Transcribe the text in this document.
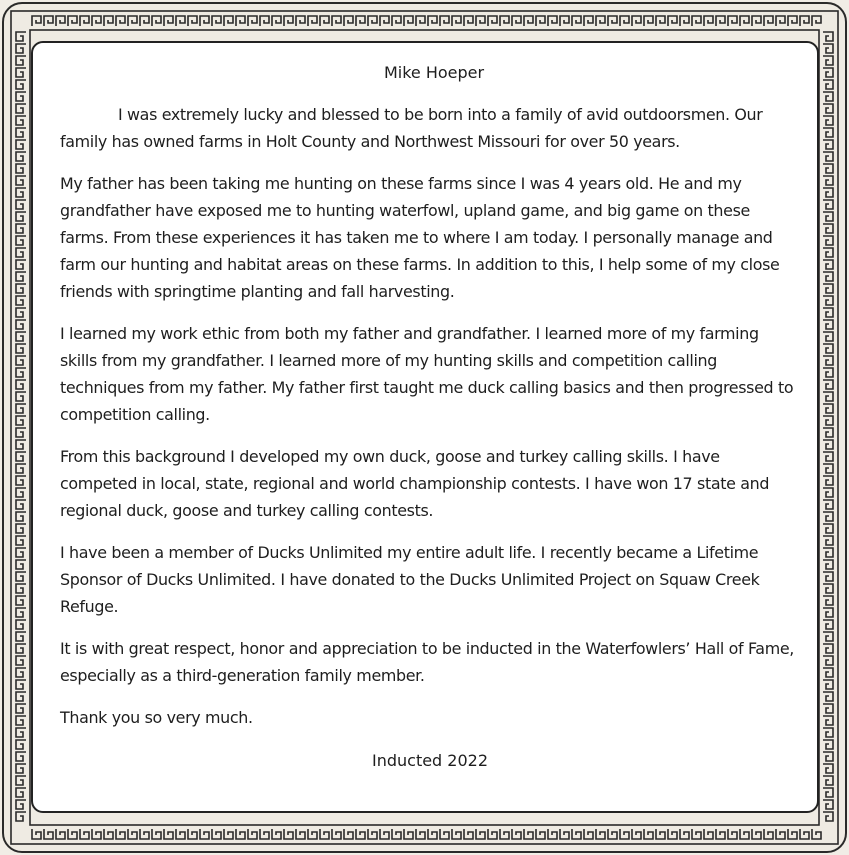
Mike Hoeper

I was extremely lucky and blessed to be born into a family of avid outdoorsmen. Our family has owned farms in Holt County and Northwest Missouri for over 50 years.

My father has been taking me hunting on these farms since I was 4 years old. He and my grandfather have exposed me to hunting waterfowl, upland game, and big game on these farms. From these experiences it has taken me to where I am today. I personally manage and farm our hunting and habitat areas on these farms. In addition to this, I help some of my close friends with springtime planting and fall harvesting.

I learned my work ethic from both my father and grandfather. I learned more of my farming skills from my grandfather. I learned more of my hunting skills and competition calling techniques from my father. My father first taught me duck calling basics and then progressed to competition calling.

From this background I developed my own duck, goose and turkey calling skills. I have competed in local, state, regional and world championship contests. I have won 17 state and regional duck, goose and turkey calling contests.

I have been a member of Ducks Unlimited my entire adult life. I recently became a Lifetime Sponsor of Ducks Unlimited. I have donated to the Ducks Unlimited Project on Squaw Creek Refuge.

It is with great respect, honor and appreciation to be inducted in the Waterfowlers’ Hall of Fame, especially as a third-generation family member.

Thank you so very much.

Inducted 2022
